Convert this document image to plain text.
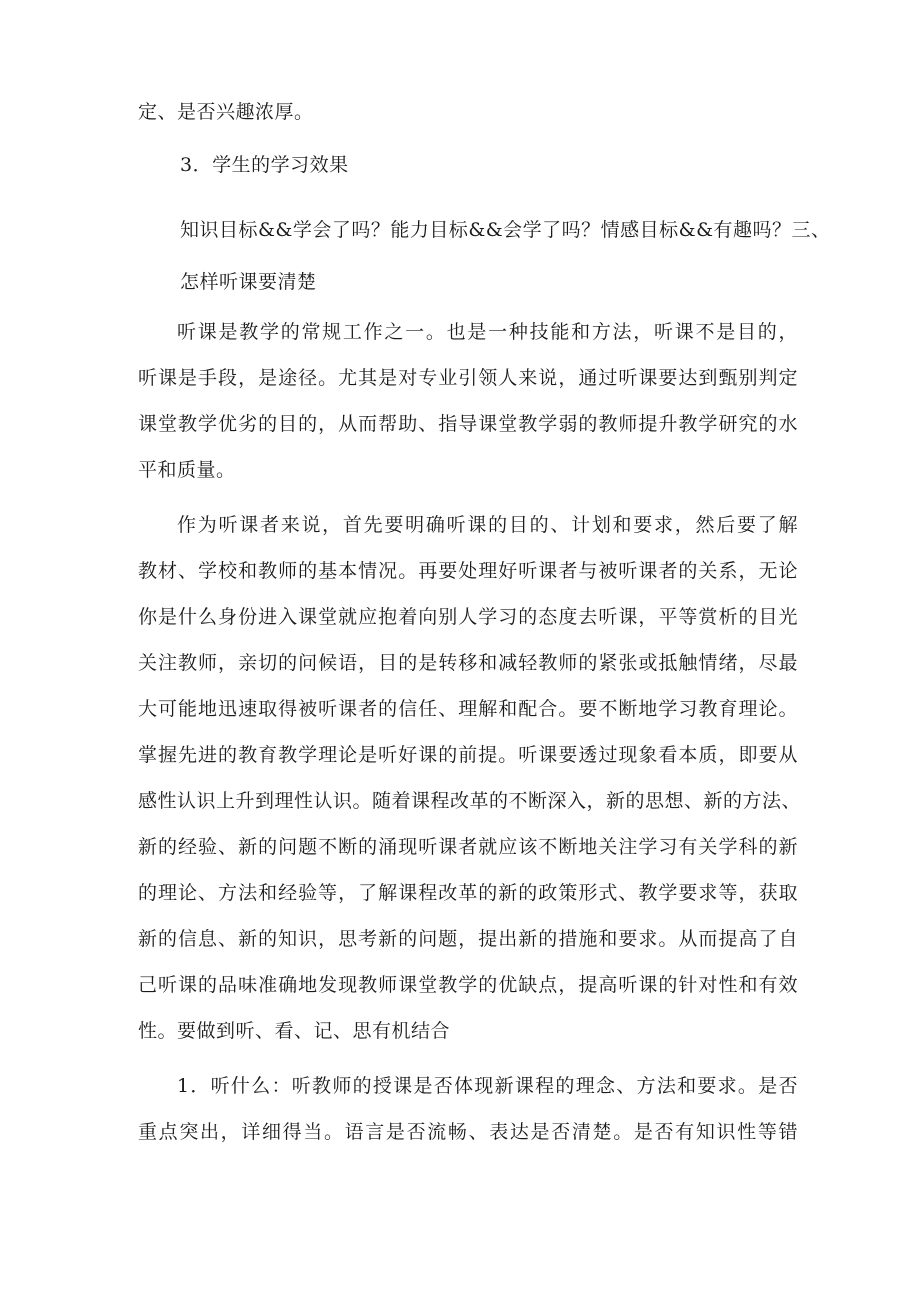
定、是否兴趣浓厚。
3．学生的学习效果
知识目标&&学会了吗？能力目标&&会学了吗？情感目标&&有趣吗？三、
怎样听课要清楚
听课是教学的常规工作之一。也是一种技能和方法，听课不是目的，
听课是手段，是途径。尤其是对专业引领人来说，通过听课要达到甄别判定
课堂教学优劣的目的，从而帮助、指导课堂教学弱的教师提升教学研究的水
平和质量。
作为听课者来说，首先要明确听课的目的、计划和要求，然后要了解
教材、学校和教师的基本情况。再要处理好听课者与被听课者的关系，无论
你是什么身份进入课堂就应抱着向别人学习的态度去听课，平等赏析的目光
关注教师，亲切的问候语，目的是转移和减轻教师的紧张或抵触情绪，尽最
大可能地迅速取得被听课者的信任、理解和配合。要不断地学习教育理论。
掌握先进的教育教学理论是听好课的前提。听课要透过现象看本质，即要从
感性认识上升到理性认识。随着课程改革的不断深入，新的思想、新的方法、
新的经验、新的问题不断的涌现听课者就应该不断地关注学习有关学科的新
的理论、方法和经验等，了解课程改革的新的政策形式、教学要求等，获取
新的信息、新的知识，思考新的问题，提出新的措施和要求。从而提高了自
己听课的品味准确地发现教师课堂教学的优缺点，提高听课的针对性和有效
性。要做到听、看、记、思有机结合
1．听什么：听教师的授课是否体现新课程的理念、方法和要求。是否
重点突出，详细得当。语言是否流畅、表达是否清楚。是否有知识性等错
